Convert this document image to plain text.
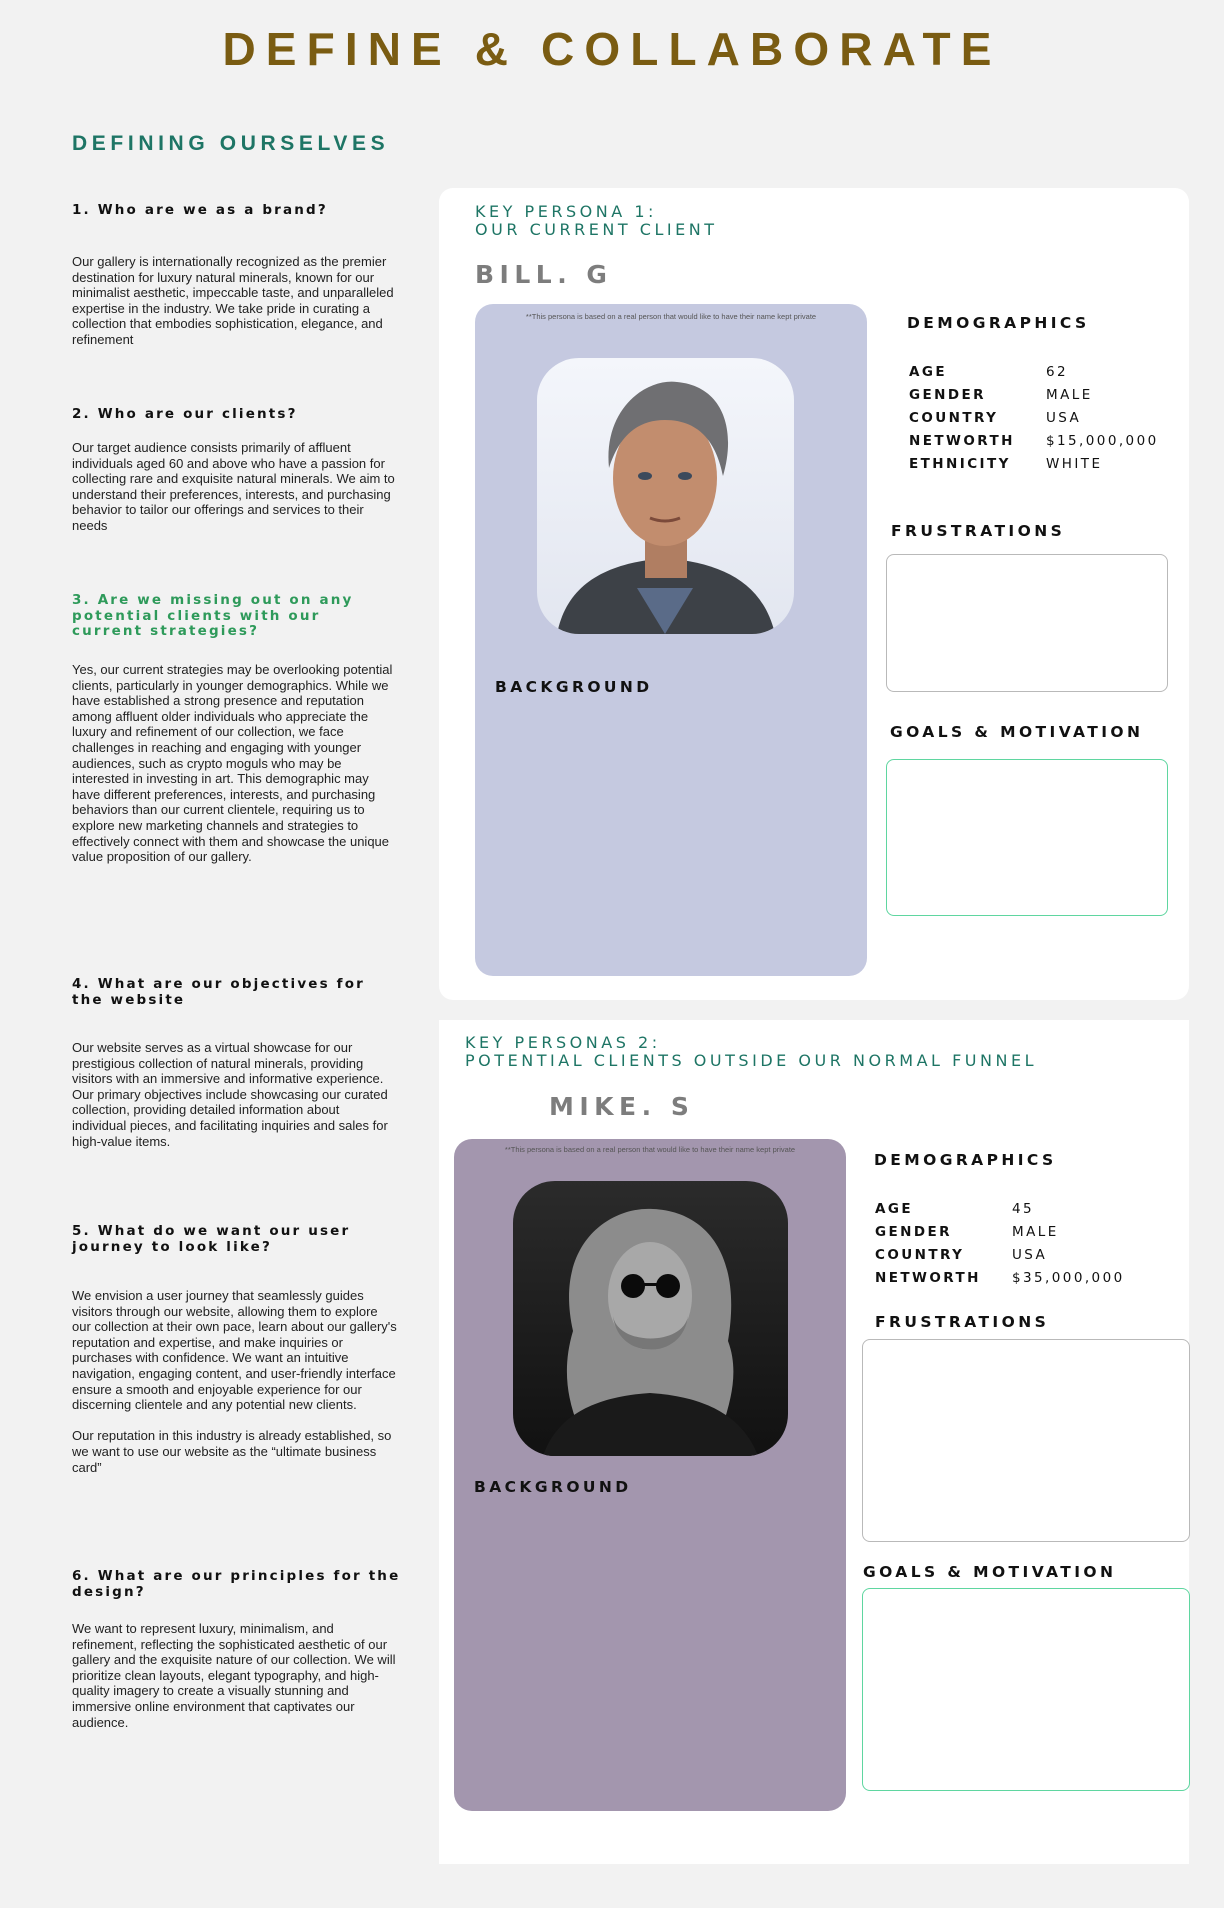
DEFINE & COLLABORATE
DEFINING OURSELVES
1. Who are we as a brand?
Our gallery is internationally recognized as the premier destination for luxury natural minerals, known for our minimalist aesthetic, impeccable taste, and unparalleled expertise in the industry. We take pride in curating a collection that embodies sophistication, elegance, and refinement
2. Who are our clients?
Our target audience consists primarily of affluent individuals aged 60 and above who have a passion for collecting rare and exquisite natural minerals. We aim to understand their preferences, interests, and purchasing behavior to tailor our offerings and services to their needs
3. Are we missing out on any potential clients with our current strategies?
Yes, our current strategies may be overlooking potential clients, particularly in younger demographics. While we have established a strong presence and reputation among affluent older individuals who appreciate the luxury and refinement of our collection, we face challenges in reaching and engaging with younger audiences, such as crypto moguls who may be interested in investing in art. This demographic may have different preferences, interests, and purchasing behaviors than our current clientele, requiring us to explore new marketing channels and strategies to effectively connect with them and showcase the unique value proposition of our gallery.
4. What are our objectives for the website
Our website serves as a virtual showcase for our prestigious collection of natural minerals, providing visitors with an immersive and informative experience. Our primary objectives include showcasing our curated collection, providing detailed information about individual pieces, and facilitating inquiries and sales for high-value items.
5. What do we want our user journey to look like?
We envision a user journey that seamlessly guides visitors through our website, allowing them to explore our collection at their own pace, learn about our gallery's reputation and expertise, and make inquiries or purchases with confidence. We want an intuitive navigation, engaging content, and user-friendly interface ensure a smooth and enjoyable experience for our discerning clientele and any potential new clients.

Our reputation in this industry is already established, so we want to use our website as the “ultimate business card”
6. What are our principles for the design?
We want to represent luxury, minimalism, and refinement, reflecting the sophisticated aesthetic of our gallery and the exquisite nature of our collection. We will prioritize clean layouts, elegant typography, and high-quality imagery to create a visually stunning and immersive online environment that captivates our audience.
KEY PERSONA 1:
OUR CURRENT CLIENT
BILL. G
**This persona is based on a real person that would like to have their name kept private
BACKGROUND
DEMOGRAPHICS
AGE	62
GENDER	MALE
COUNTRY	USA
NETWORTH $15,000,000
ETHNICITY	WHITE
FRUSTRATIONS
GOALS & MOTIVATION
KEY PERSONAS 2:
POTENTIAL CLIENTS OUTSIDE OUR NORMAL FUNNEL
MIKE. S
**This persona is based on a real person that would like to have their name kept private
BACKGROUND
DEMOGRAPHICS
AGE	45
GENDER	MALE
COUNTRY	USA
NETWORTH $35,000,000
FRUSTRATIONS
GOALS & MOTIVATION
